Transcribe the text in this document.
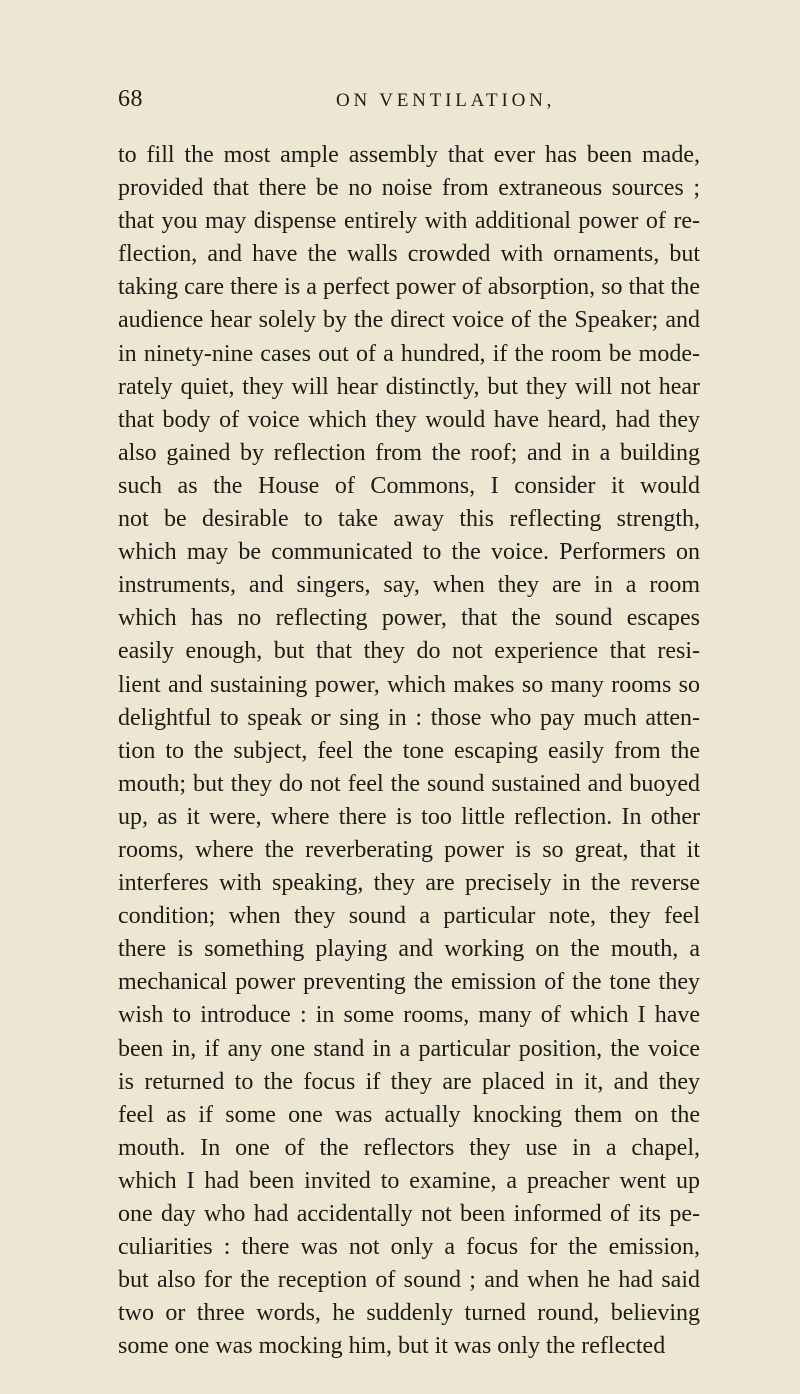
68	ON VENTILATION,
to fill the most ample assembly that ever has been made,
provided that there be no noise from extraneous sources ;
that you may dispense entirely with additional power of re-
flection, and have the walls crowded with ornaments, but
taking care there is a perfect power of absorption, so that the
audience hear solely by the direct voice of the Speaker; and
in ninety-nine cases out of a hundred, if the room be mode-
rately quiet, they will hear distinctly, but they will not hear
that body of voice which they would have heard, had they
also gained by reflection from the roof; and in a building
such as the House of Commons, I consider it would
not be desirable to take away this reflecting strength,
which may be communicated to the voice. Performers on
instruments, and singers, say, when they are in a room
which has no reflecting power, that the sound escapes
easily enough, but that they do not experience that resi-
lient and sustaining power, which makes so many rooms so
delightful to speak or sing in : those who pay much atten-
tion to the subject, feel the tone escaping easily from the
mouth; but they do not feel the sound sustained and buoyed
up, as it were, where there is too little reflection. In other
rooms, where the reverberating power is so great, that it
interferes with speaking, they are precisely in the reverse
condition; when they sound a particular note, they feel
there is something playing and working on the mouth, a
mechanical power preventing the emission of the tone they
wish to introduce : in some rooms, many of which I have
been in, if any one stand in a particular position, the voice
is returned to the focus if they are placed in it, and they
feel as if some one was actually knocking them on the
mouth. In one of the reflectors they use in a chapel,
which I had been invited to examine, a preacher went up
one day who had accidentally not been informed of its pe-
culiarities : there was not only a focus for the emission,
but also for the reception of sound ; and when he had said
two or three words, he suddenly turned round, believing
some one was mocking him, but it was only the reflected
